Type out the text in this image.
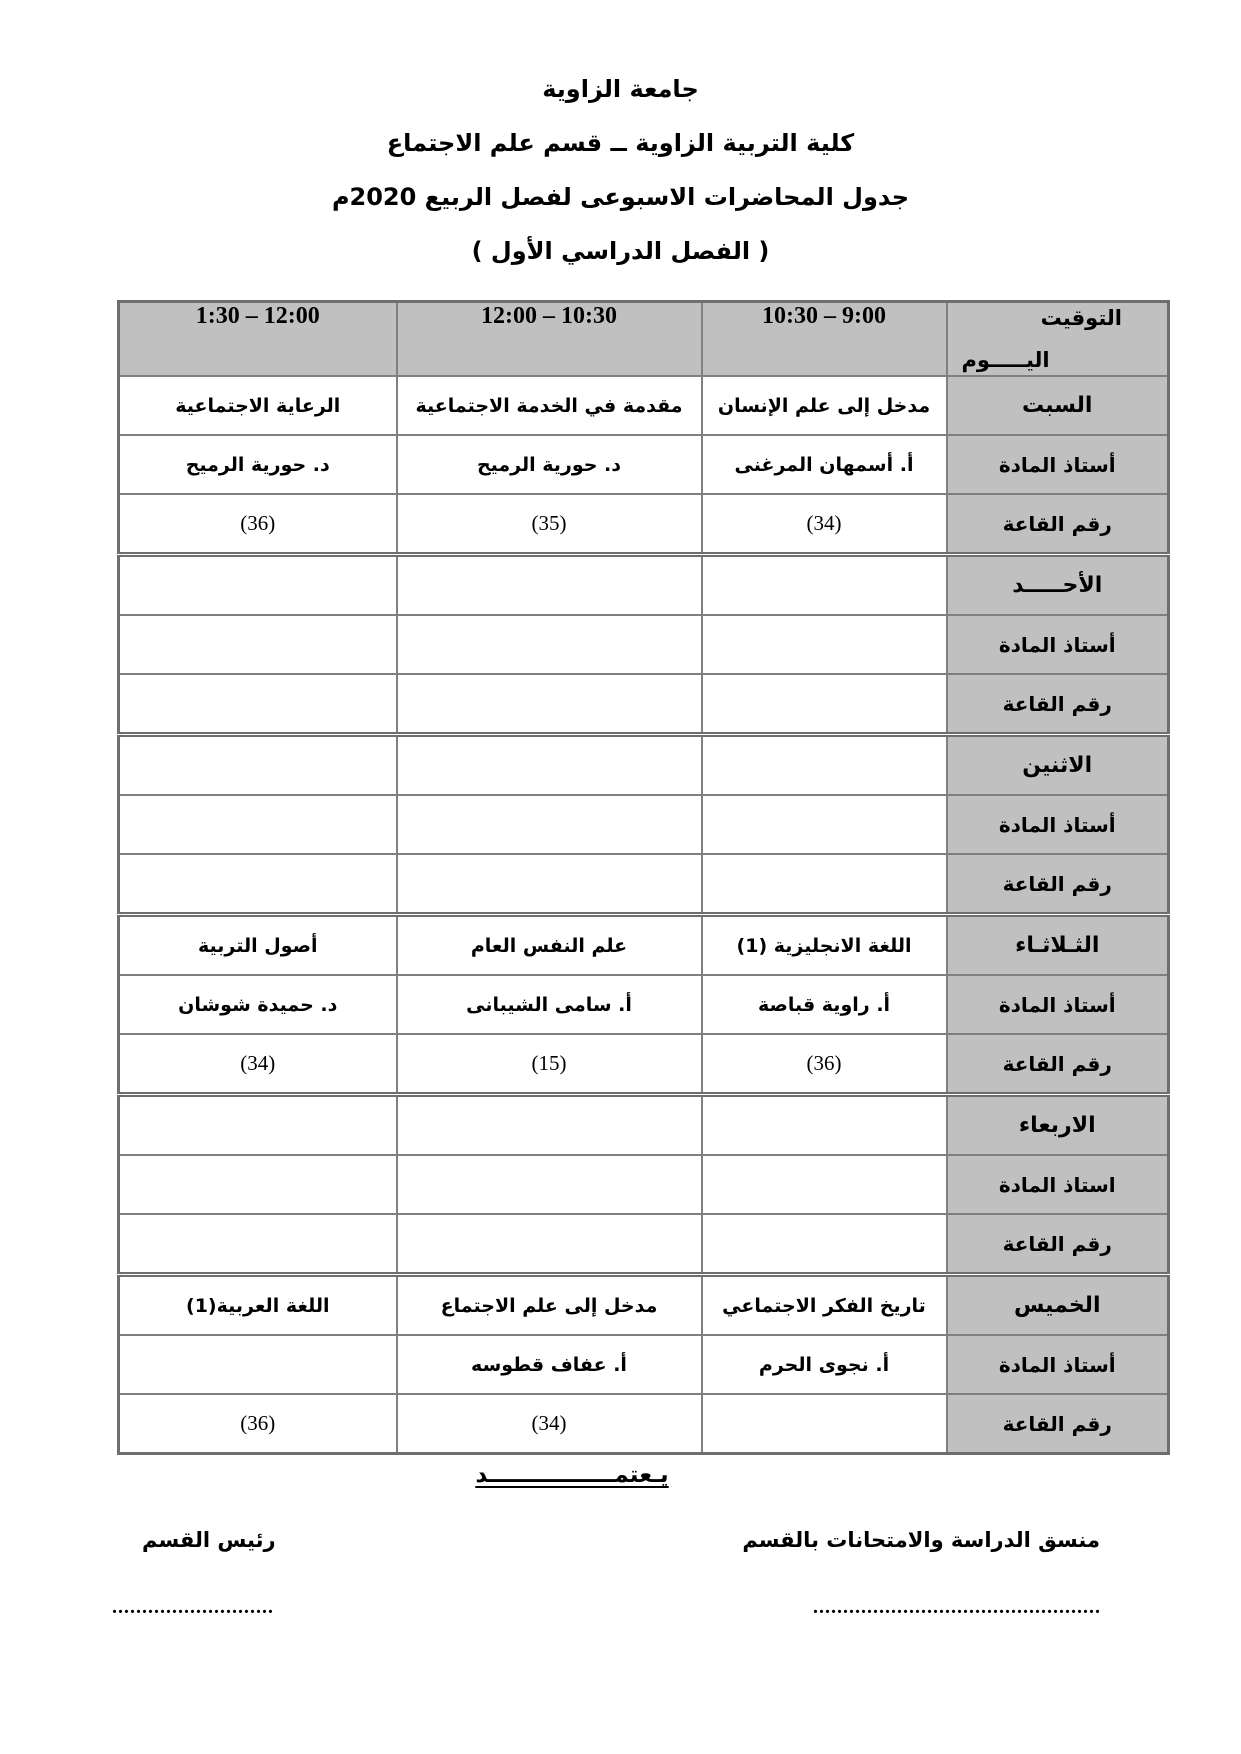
جامعة الزاوية
كلية التربية الزاوية ــ قسم علم الاجتماع
جدول المحاضرات الاسبوعى لفصل الربيع 2020م
( الفصل الدراسي الأول )
التوقيت
اليـــــوم	10:30 – 9:00	12:00 – 10:30	1:30 – 12:00
السبت	مدخل إلى علم الإنسان	مقدمة في الخدمة الاجتماعية	الرعاية الاجتماعية
أستاذ المادة	أ. أسمهان المرغنى	د. حورية الرميح	د. حورية الرميح
رقم القاعة	(34)	(35)	(36)
الأحـــــد			
أستاذ المادة			
رقم القاعة			
الاثنين			
أستاذ المادة			
رقم القاعة			
الثـلاثـاء	اللغة الانجليزية (1)	علم النفس العام	أصول التربية
أستاذ المادة	أ. راوية قباصة	أ. سامى الشيبانى	د. حميدة شوشان
رقم القاعة	(36)	(15)	(34)
الاربعاء			
استاذ المادة			
رقم القاعة			
الخميس	تاريخ الفكر الاجتماعي	مدخل إلى علم الاجتماع	اللغة العربية(1)
أستاذ المادة	أ. نجوى الحرم	أ. عفاف قطوسه	
رقم القاعة		(34)	(36)
يـعتمــــــــــــــــد
منسق الدراسة والامتحانات بالقسم
رئيس القسم
................................................
...........................
